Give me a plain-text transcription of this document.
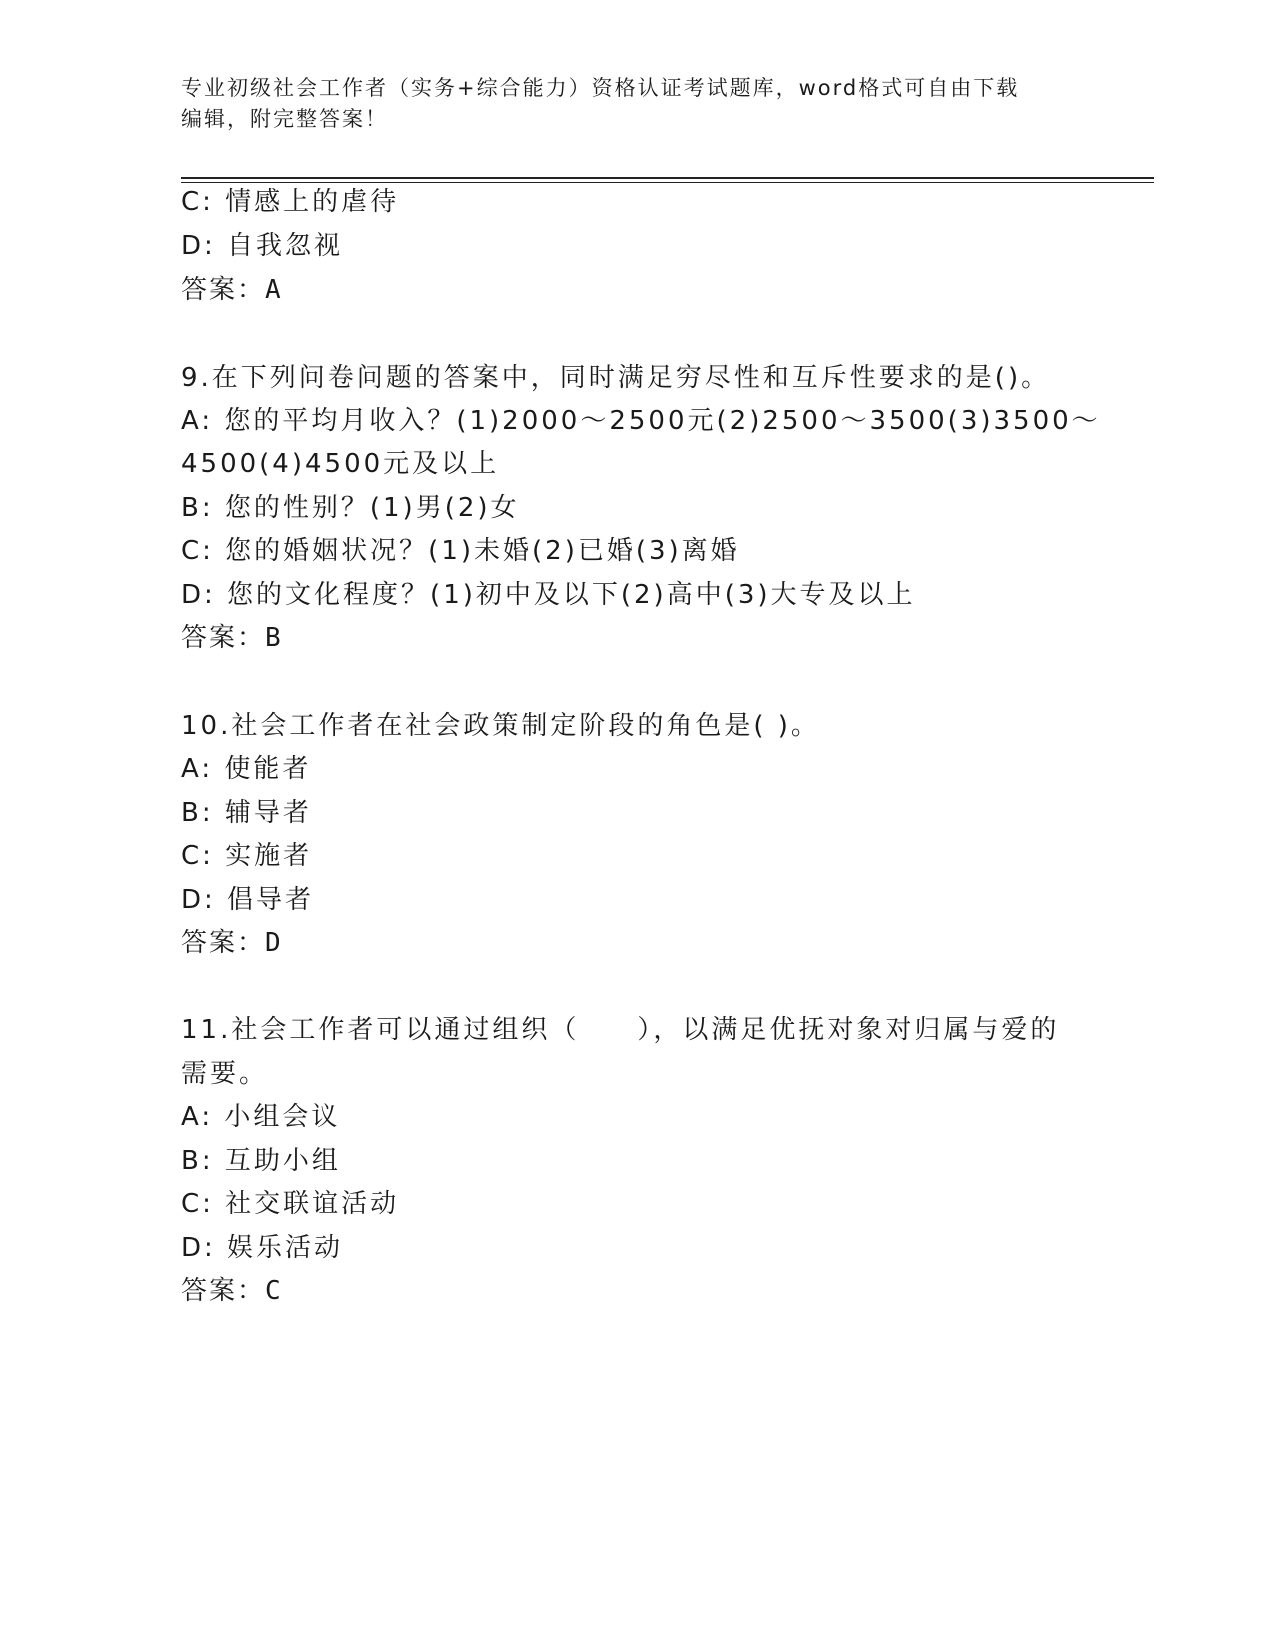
专业初级社会工作者（实务+综合能力）资格认证考试题库，word格式可自由下载
编辑，附完整答案！
C: 情感上的虐待
D: 自我忽视
答案：A
9.在下列问卷问题的答案中，同时满足穷尽性和互斥性要求的是()。
A: 您的平均月收入？(1)2000～2500元(2)2500～3500(3)3500～
4500(4)4500元及以上
B: 您的性别？(1)男(2)女
C: 您的婚姻状况？(1)未婚(2)已婚(3)离婚
D: 您的文化程度？(1)初中及以下(2)高中(3)大专及以上
答案：B
10.社会工作者在社会政策制定阶段的角色是( )。
A: 使能者
B: 辅导者
C: 实施者
D: 倡导者
答案：D
11.社会工作者可以通过组织（　　），以满足优抚对象对归属与爱的
需要。
A: 小组会议
B: 互助小组
C: 社交联谊活动
D: 娱乐活动
答案：C
